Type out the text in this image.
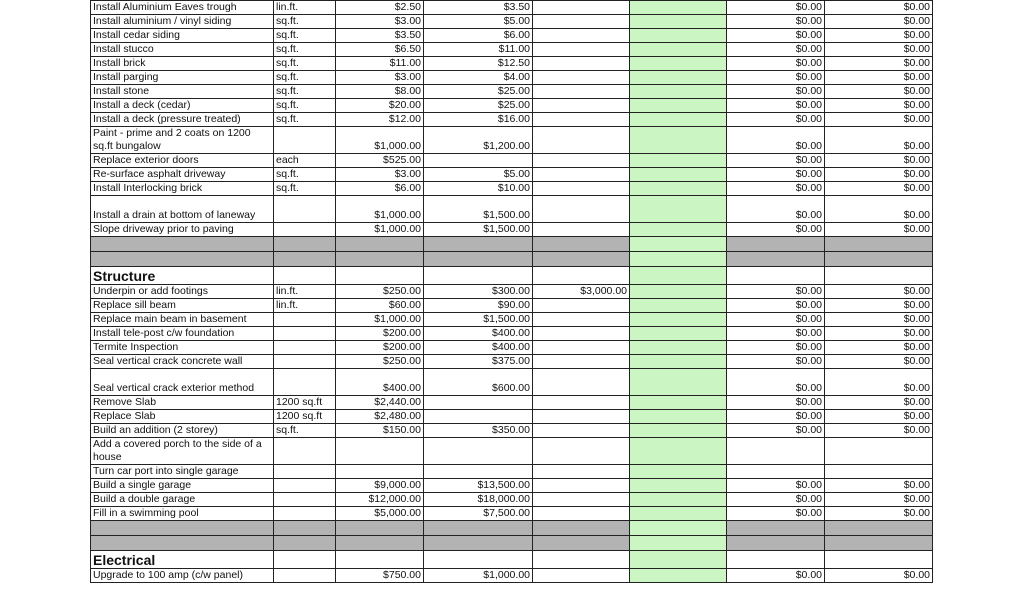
Install Aluminium Eaves trough	lin.ft.	$2.50	$3.50			$0.00	$0.00
Install aluminium / vinyl siding	sq.ft.	$3.00	$5.00			$0.00	$0.00
Install cedar siding	sq.ft.	$3.50	$6.00			$0.00	$0.00
Install stucco	sq.ft.	$6.50	$11.00			$0.00	$0.00
Install brick	sq.ft.	$11.00	$12.50			$0.00	$0.00
Install parging	sq.ft.	$3.00	$4.00			$0.00	$0.00
Install stone	sq.ft.	$8.00	$25.00			$0.00	$0.00
Install a deck (cedar)	sq.ft.	$20.00	$25.00			$0.00	$0.00
Install a deck (pressure treated)	sq.ft.	$12.00	$16.00			$0.00	$0.00
Paint - prime and 2 coats on 1200 sq.ft bungalow		$1,000.00	$1,200.00			$0.00	$0.00
Replace exterior doors	each	$525.00				$0.00	$0.00
Re-surface asphalt driveway	sq.ft.	$3.00	$5.00			$0.00	$0.00
Install Interlocking brick	sq.ft.	$6.00	$10.00			$0.00	$0.00
Install a drain at bottom of laneway		$1,000.00	$1,500.00			$0.00	$0.00
Slope driveway prior to paving		$1,000.00	$1,500.00			$0.00	$0.00

Structure							
Underpin or add footings	lin.ft.	$250.00	$300.00	$3,000.00		$0.00	$0.00
Replace sill beam	lin.ft.	$60.00	$90.00			$0.00	$0.00
Replace main beam in basement		$1,000.00	$1,500.00			$0.00	$0.00
Install tele-post c/w foundation		$200.00	$400.00			$0.00	$0.00
Termite Inspection		$200.00	$400.00			$0.00	$0.00
Seal vertical crack concrete wall		$250.00	$375.00			$0.00	$0.00
Seal vertical crack exterior method		$400.00	$600.00			$0.00	$0.00
Remove Slab	1200 sq.ft	$2,440.00				$0.00	$0.00
Replace Slab	1200 sq.ft	$2,480.00				$0.00	$0.00
Build an addition (2 storey)	sq.ft.	$150.00	$350.00			$0.00	$0.00
Add a covered porch to the side of a house							
Turn car port into single garage							
Build a single garage		$9,000.00	$13,500.00			$0.00	$0.00
Build a double garage		$12,000.00	$18,000.00			$0.00	$0.00
Fill in a swimming pool		$5,000.00	$7,500.00			$0.00	$0.00

Electrical							
Upgrade to 100 amp (c/w panel)		$750.00	$1,000.00			$0.00	$0.00
